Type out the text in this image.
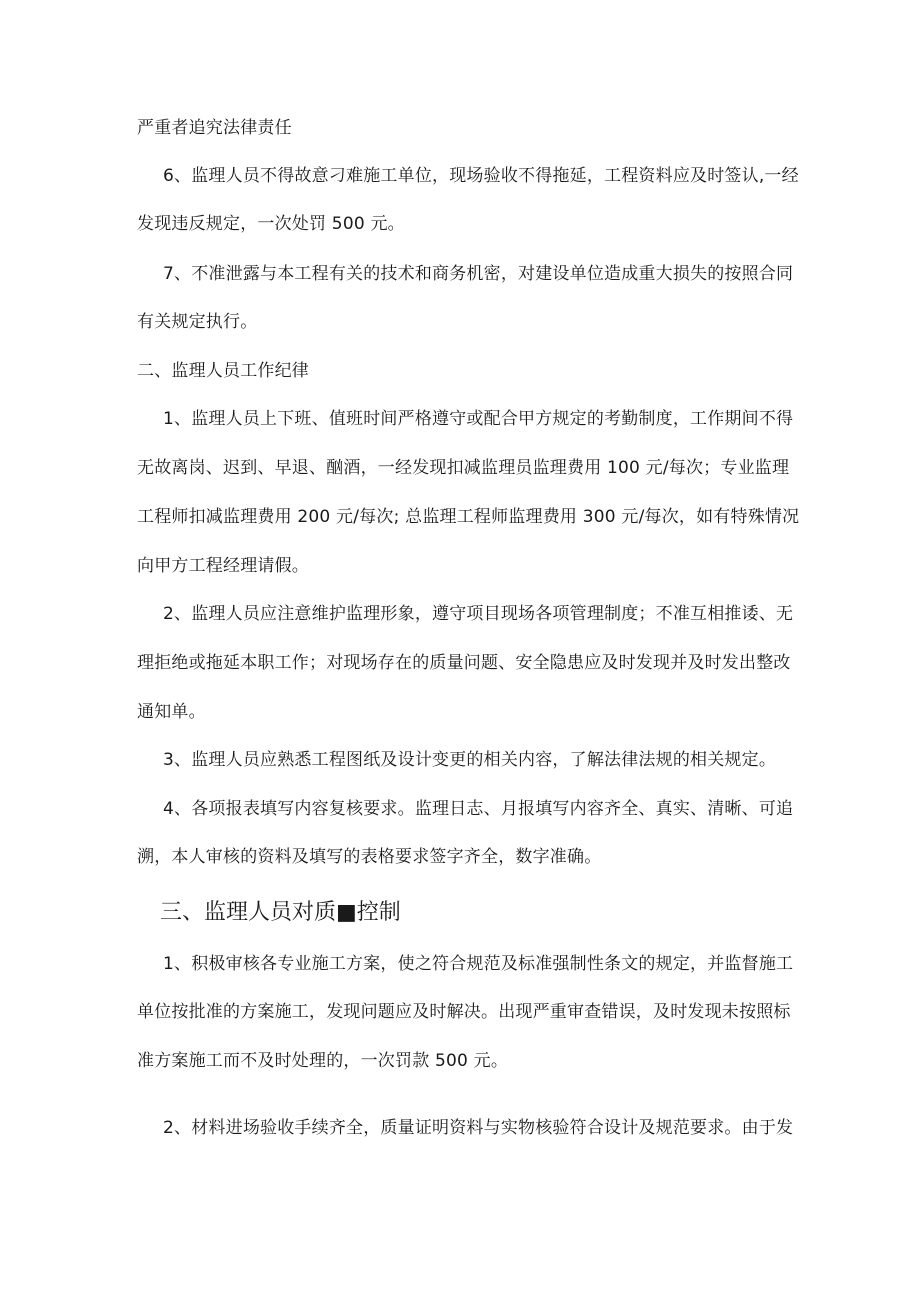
严重者追究法律责任

6、监理人员不得故意刁难施工单位，现场验收不得拖延，工程资料应及时签认,一经

发现违反规定，一次处罚 500 元。

7、不准泄露与本工程有关的技术和商务机密，对建设单位造成重大损失的按照合同

有关规定执行。

二、监理人员工作纪律

1、监理人员上下班、值班时间严格遵守或配合甲方规定的考勤制度，工作期间不得

无故离岗、迟到、早退、酗酒，一经发现扣减监理员监理费用 100 元/每次；专业监理

工程师扣减监理费用 200 元/每次; 总监理工程师监理费用 300 元/每次，如有特殊情况

向甲方工程经理请假。

2、监理人员应注意维护监理形象，遵守项目现场各项管理制度；不准互相推诿、无

理拒绝或拖延本职工作；对现场存在的质量问题、安全隐患应及时发现并及时发出整改

通知单。

3、监理人员应熟悉工程图纸及设计变更的相关内容，了解法律法规的相关规定。

4、各项报表填写内容复核要求。监理日志、月报填写内容齐全、真实、清晰、可追

溯，本人审核的资料及填写的表格要求签字齐全，数字准确。

三、监理人员对质■控制

1、积极审核各专业施工方案，使之符合规范及标准强制性条文的规定，并监督施工

单位按批准的方案施工，发现问题应及时解决。出现严重审查错误，及时发现未按照标

准方案施工而不及时处理的，一次罚款 500 元。

2、材料进场验收手续齐全，质量证明资料与实物核验符合设计及规范要求。由于发
